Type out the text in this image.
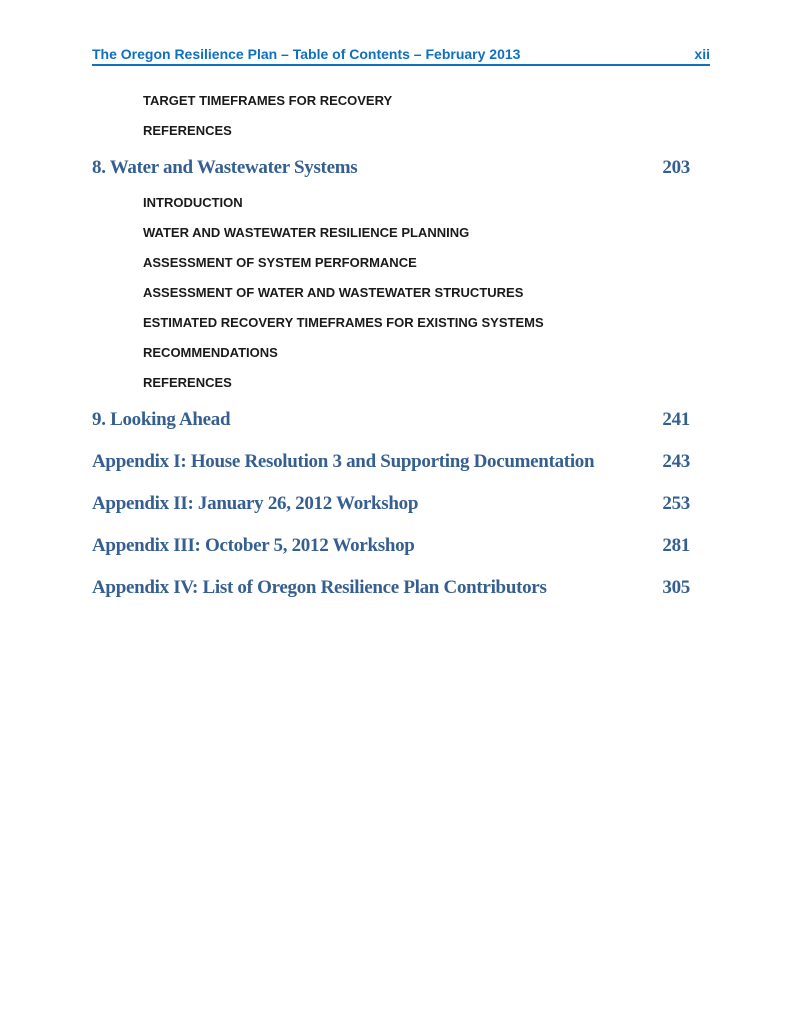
The Oregon Resilience Plan – Table of Contents – February 2013	xii
TARGET TIMEFRAMES FOR RECOVERY
REFERENCES
8. Water and Wastewater Systems	203
INTRODUCTION
WATER AND WASTEWATER RESILIENCE PLANNING
ASSESSMENT OF SYSTEM PERFORMANCE
ASSESSMENT OF WATER AND WASTEWATER STRUCTURES
ESTIMATED RECOVERY TIMEFRAMES FOR EXISTING SYSTEMS
RECOMMENDATIONS
REFERENCES
9. Looking Ahead	241
Appendix I: House Resolution 3 and Supporting Documentation	243
Appendix II: January 26, 2012 Workshop	253
Appendix III: October 5, 2012 Workshop	281
Appendix IV: List of Oregon Resilience Plan Contributors	305
